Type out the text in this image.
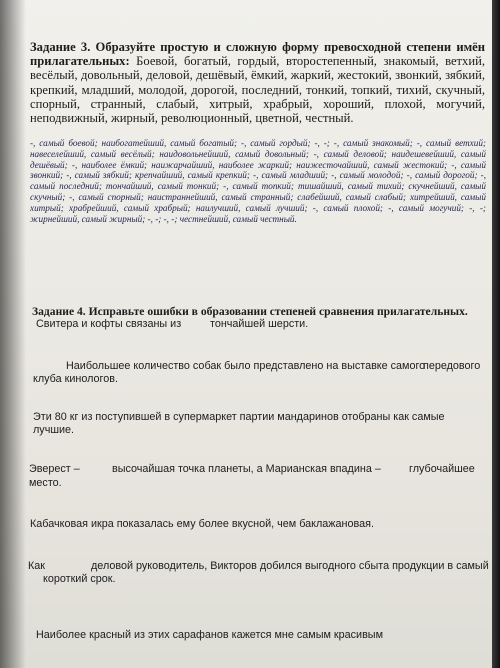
Задание 3. Образуйте простую и сложную форму превосходной степени имён прилагательных: Боевой, богатый, гордый, второстепенный, знакомый, ветхий, весёлый, довольный, деловой, дешёвый, ёмкий, жаркий, жестокий, звонкий, зябкий, крепкий, младший, молодой, дорогой, последний, тонкий, топкий, тихий, скучный, спорный, странный, слабый, хитрый, храбрый, хороший, плохой, могучий, неподвижный, жирный, революционный, цветной, честный.
-, самый боевой; наибогатейший, самый богатый; -, самый гордый; -, -; -, самый знакомый; -, самый ветхий; навеселейший, самый весёлый; наидовольнейший, самый довольный; -, самый деловой; наидешевейший, самый дешёвый; -, наиболее ёмкий; наижарчайший, наиболее жаркий; наижесточайший, самый жестокий; -, самый звонкий; -, самый зябкий; крепчайший, самый крепкий; -, самый младший; -, самый молодой; -, самый дорогой; -, самый последний; тончайший, самый тонкий; -, самый топкий; тишайший, самый тихий; скучнейший, самый скучный; -, самый спорный; наистраннейший, самый странный; слабейший, самый слабый; хитрейший, самый хитрый; храбрейший, самый храбрый; наилучший, самый лучший; -, самый плохой; -, самый могучий; -, -; жирнейший, самый жирный; -, -; -, -; честнейший, самый честный.
Задание 4. Исправьте ошибки в образовании степеней сравнения прилагательных.
Свитера и кофты связаны из	тончайшей шерсти.
Наибольшее количество собак было представлено на выставке самого
передового
клуба кинологов.
Эти 80 кг из поступившей в супермаркет партии мандаринов отобраны как самые
лучшие.
Эверест –	высочайшая точка планеты, а Марианская впадина –	глубочайшее
место.
Кабачковая икра показалась ему более вкусной, чем баклажановая.
Как	деловой руководитель, Викторов добился выгодного сбыта продукции в самый
короткий срок.
Наиболее красный из этих сарафанов кажется мне самым красивым
